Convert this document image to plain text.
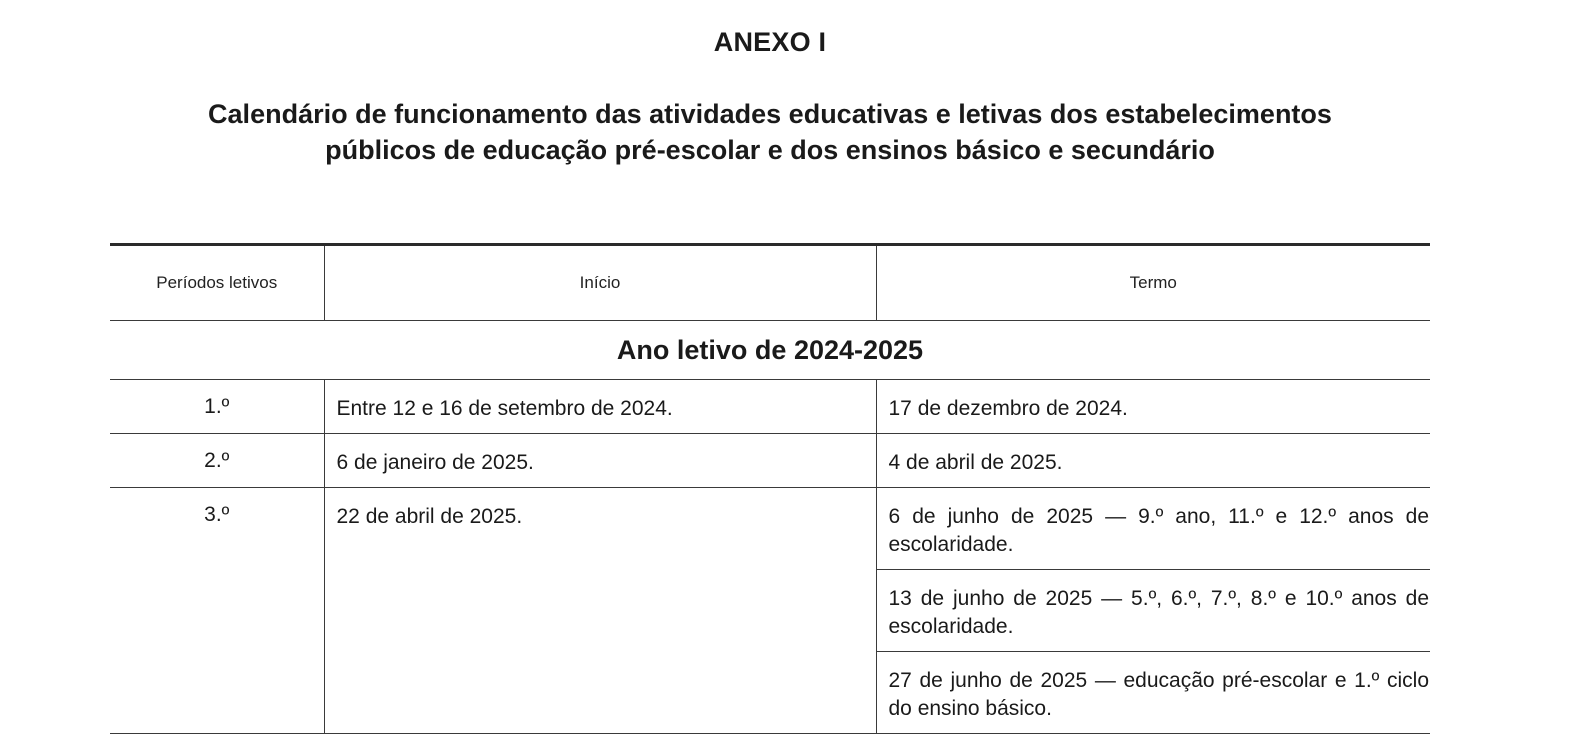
ANEXO I
Calendário de funcionamento das atividades educativas e letivas dos estabelecimentos
públicos de educação pré-escolar e dos ensinos básico e secundário
Períodos letivos	Início	Termo
Ano letivo de 2024-2025		
1.º	Entre 12 e 16 de setembro de 2024.	17 de dezembro de 2024.
2.º	6 de janeiro de 2025.	4 de abril de 2025.
3.º	22 de abril de 2025.	6 de junho de 2025 — 9.º ano, 11.º e 12.º anos de escolaridade.
13 de junho de 2025 — 5.º, 6.º, 7.º, 8.º e 10.º anos de escolaridade.
27 de junho de 2025 — educação pré-escolar e 1.º ciclo do ensino básico.
